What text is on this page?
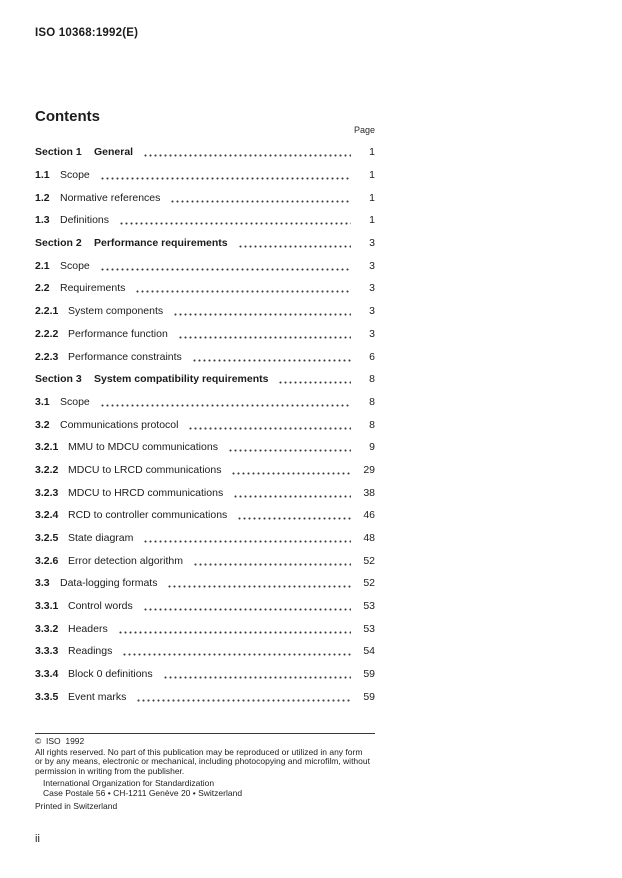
ISO 10368:1992(E)
Contents
Page
Section 1	General	1
1.1 Scope	1
1.2 Normative references	1
1.3 Definitions	1
Section 2	Performance requirements	3
2.1 Scope	3
2.2 Requirements	3
2.2.1 System components	3
2.2.2 Performance function	3
2.2.3 Performance constraints	6
Section 3	System compatibility requirements	8
3.1 Scope	8
3.2 Communications protocol	8
3.2.1 MMU to MDCU communications	9
3.2.2 MDCU to LRCD communications	29
3.2.3 MDCU to HRCD communications	38
3.2.4 RCD to controller communications	46
3.2.5 State diagram	48
3.2.6 Error detection algorithm	52
3.3 Data-logging formats	52
3.3.1 Control words	53
3.3.2 Headers	53
3.3.3 Readings	54
3.3.4 Block 0 definitions	59
3.3.5 Event marks	59
©  ISO  1992
All rights reserved. No part of this publication may be reproduced or utilized in any form
or by any means, electronic or mechanical, including photocopying and microfilm, without
permission in writing from the publisher.
International Organization for Standardization
Case Postale 56 • CH-1211 Genève 20 • Switzerland
Printed in Switzerland
ii
